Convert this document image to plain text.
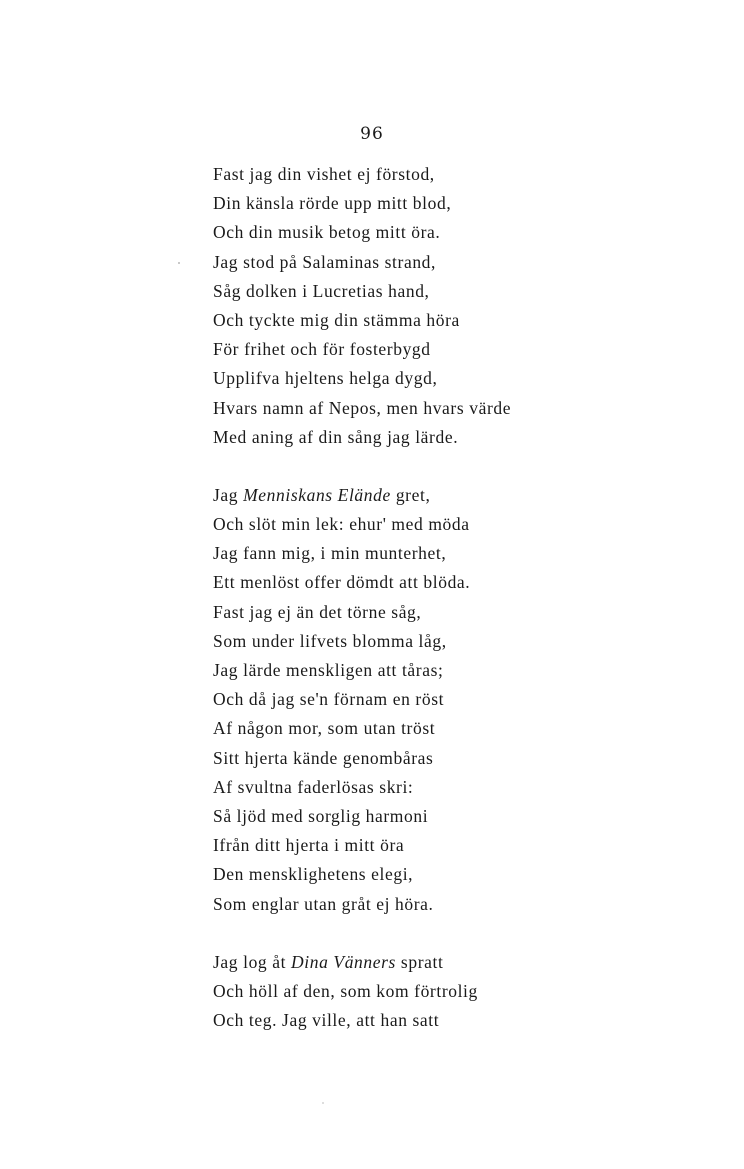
96
Fast jag din vishet ej förstod,
Din känsla rörde upp mitt blod,
Och din musik betog mitt öra.
Jag stod på Salaminas strand,
Såg dolken i Lucretias hand,
Och tyckte mig din stämma höra
För frihet och för fosterbygd
Upplifva hjeltens helga dygd,
Hvars namn af Nepos, men hvars värde
Med aning af din sång jag lärde.
Jag Menniskans Elände gret,
Och slöt min lek: ehur' med möda
Jag fann mig, i min munterhet,
Ett menlöst offer dömdt att blöda.
Fast jag ej än det törne såg,
Som under lifvets blomma låg,
Jag lärde menskligen att tåras;
Och då jag se'n förnam en röst
Af någon mor, som utan tröst
Sitt hjerta kände genombåras
Af svultna faderlösas skri:
Så ljöd med sorglig harmoni
Ifrån ditt hjerta i mitt öra
Den mensklighetens elegi,
Som englar utan gråt ej höra.
Jag log åt Dina Vänners spratt
Och höll af den, som kom förtrolig
Och teg. Jag ville, att han satt
